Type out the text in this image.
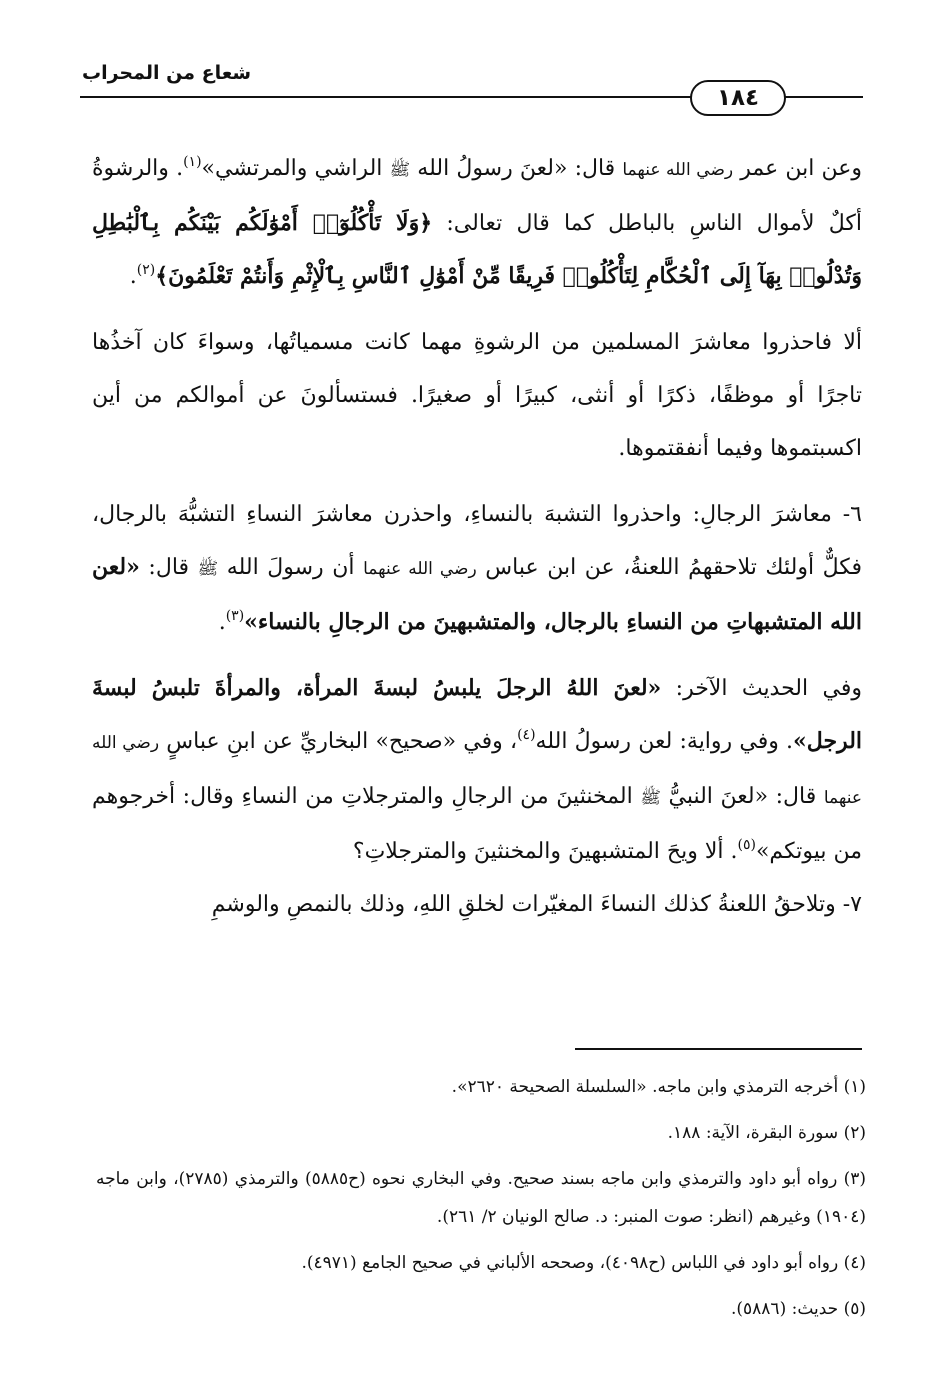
شعاع من المحراب
١٨٤

وعن ابن عمر رضي الله عنهما قال: «لعنَ رسولُ الله ﷺ الراشي والمرتشي»$^{(١)}$. والرشوةُ أكلٌ لأموال الناسِ بالباطل كما قال تعالى: ﴿وَلَا تَأْكُلُوٓا۟ أَمْوَٰلَكُم بَيْنَكُم بِٱلْبَٰطِلِ وَتُدْلُوا۟ بِهَآ إِلَى ٱلْحُكَّامِ لِتَأْكُلُوا۟ فَرِيقًا مِّنْ أَمْوَٰلِ ٱلنَّاسِ بِٱلْإِثْمِ وَأَنتُمْ تَعْلَمُونَ﴾$^{(٢)}$.

ألا فاحذروا معاشرَ المسلمين من الرشوةِ مهما كانت مسمياتُها، وسواءَ كان آخذُها تاجرًا أو موظفًا، ذكرًا أو أنثى، كبيرًا أو صغيرًا. فستسألونَ عن أموالكم من أين اكسبتموها وفيما أنفقتموها.

٦- معاشرَ الرجالِ: واحذروا التشبهَ بالنساءِ، واحذرن معاشرَ النساءِ التشبُّهَ بالرجال، فكلٌّ أولئك تلاحقهمُ اللعنةُ، عن ابن عباس رضي الله عنهما أن رسولَ الله ﷺ قال: «لعن الله المتشبهاتِ من النساءِ بالرجال، والمتشبهينَ من الرجالِ بالنساء»$^{(٣)}$.

وفي الحديث الآخر: «لعنَ اللهُ الرجلَ يلبسُ لبسةَ المرأة، والمرأةَ تلبسُ لبسةَ الرجل». وفي رواية: لعن رسولُ الله$^{(٤)}$، وفي «صحيح» البخاريِّ عن ابنِ عباسٍ رضي الله عنهما قال: «لعنَ النبيُّ ﷺ المخنثينَ من الرجالِ والمترجلاتِ من النساءِ وقال: أخرجوهم من بيوتكم»$^{(٥)}$. ألا ويحَ المتشبهينَ والمخنثينَ والمترجلاتِ؟

٧- وتلاحقُ اللعنةُ كذلك النساءَ المغيّرات لخلقِ اللهِ، وذلك بالنمصِ والوشمِ

(١) أخرجه الترمذي وابن ماجه. «السلسلة الصحيحة ٢٦٢٠».

(٢) سورة البقرة، الآية: ١٨٨.

(٣) رواه أبو داود والترمذي وابن ماجه بسند صحيح. وفي البخاري نحوه (ح٥٨٨٥) والترمذي (٢٧٨٥)، وابن ماجه (١٩٠٤) وغيرهم (انظر: صوت المنبر: د. صالح الونيان ٢/ ٢٦١).

(٤) رواه أبو داود في اللباس (ح٤٠٩٨)، وصححه الألباني في صحيح الجامع (٤٩٧١).

(٥) حديث: (٥٨٨٦).
